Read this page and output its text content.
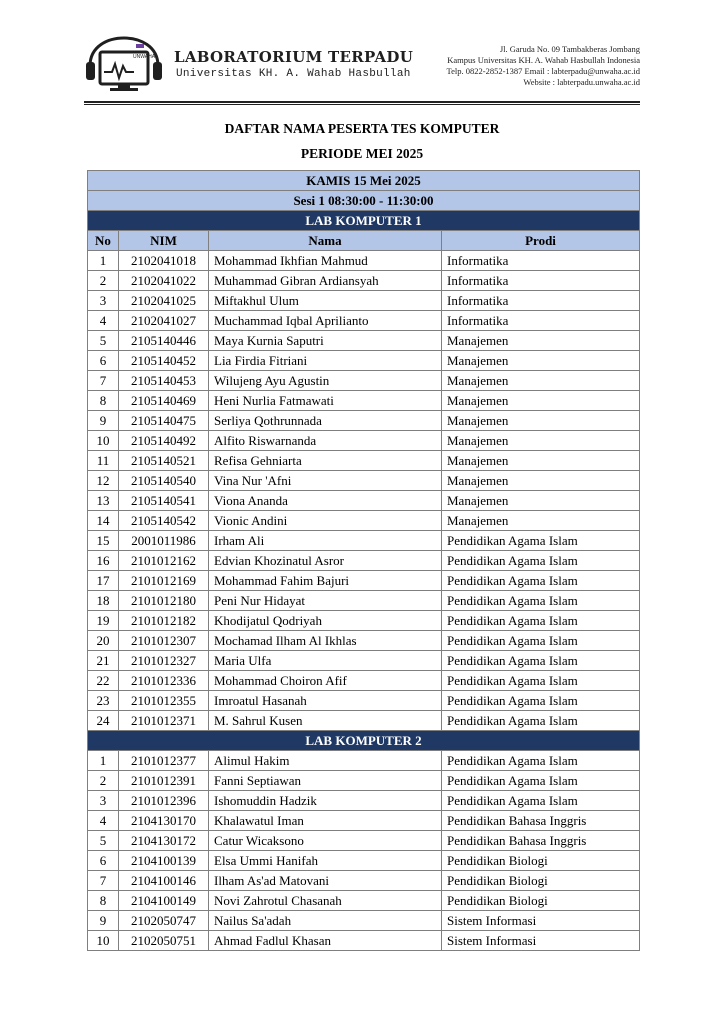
UNWAHA LABORATORIUM TERPADU
Universitas KH. A. Wahab Hasbullah
Jl. Garuda No. 09 Tambakberas Jombang
Kampus Universitas KH. A. Wahab Hasbullah Indonesia
Telp. 0822-2852-1387 Email : labterpadu@unwaha.ac.id
Website : labterpadu.unwaha.ac.id
DAFTAR NAMA PESERTA TES KOMPUTER
PERIODE MEI 2025
KAMIS 15 Mei 2025			
Sesi 1 08:30:00 - 11:30:00			
LAB KOMPUTER 1			
No	NIM	Nama	Prodi
1	2102041018	Mohammad Ikhfian Mahmud	Informatika
2	2102041022	Muhammad Gibran Ardiansyah	Informatika
3	2102041025	Miftakhul Ulum	Informatika
4	2102041027	Muchammad Iqbal Aprilianto	Informatika
5	2105140446	Maya Kurnia Saputri	Manajemen
6	2105140452	Lia Firdia Fitriani	Manajemen
7	2105140453	Wilujeng Ayu Agustin	Manajemen
8	2105140469	Heni Nurlia Fatmawati	Manajemen
9	2105140475	Serliya Qothrunnada	Manajemen
10	2105140492	Alfito Riswarnanda	Manajemen
11	2105140521	Refisa Gehniarta	Manajemen
12	2105140540	Vina Nur 'Afni	Manajemen
13	2105140541	Viona Ananda	Manajemen
14	2105140542	Vionic Andini	Manajemen
15	2001011986	Irham Ali	Pendidikan Agama Islam
16	2101012162	Edvian Khozinatul Asror	Pendidikan Agama Islam
17	2101012169	Mohammad Fahim Bajuri	Pendidikan Agama Islam
18	2101012180	Peni Nur Hidayat	Pendidikan Agama Islam
19	2101012182	Khodijatul Qodriyah	Pendidikan Agama Islam
20	2101012307	Mochamad Ilham Al Ikhlas	Pendidikan Agama Islam
21	2101012327	Maria Ulfa	Pendidikan Agama Islam
22	2101012336	Mohammad Choiron Afif	Pendidikan Agama Islam
23	2101012355	Imroatul Hasanah	Pendidikan Agama Islam
24	2101012371	M. Sahrul Kusen	Pendidikan Agama Islam
LAB KOMPUTER 2			
1	2101012377	Alimul Hakim	Pendidikan Agama Islam
2	2101012391	Fanni Septiawan	Pendidikan Agama Islam
3	2101012396	Ishomuddin Hadzik	Pendidikan Agama Islam
4	2104130170	Khalawatul Iman	Pendidikan Bahasa Inggris
5	2104130172	Catur Wicaksono	Pendidikan Bahasa Inggris
6	2104100139	Elsa Ummi Hanifah	Pendidikan Biologi
7	2104100146	Ilham As'ad Matovani	Pendidikan Biologi
8	2104100149	Novi Zahrotul Chasanah	Pendidikan Biologi
9	2102050747	Nailus Sa'adah	Sistem Informasi
10	2102050751	Ahmad Fadlul Khasan	Sistem Informasi
